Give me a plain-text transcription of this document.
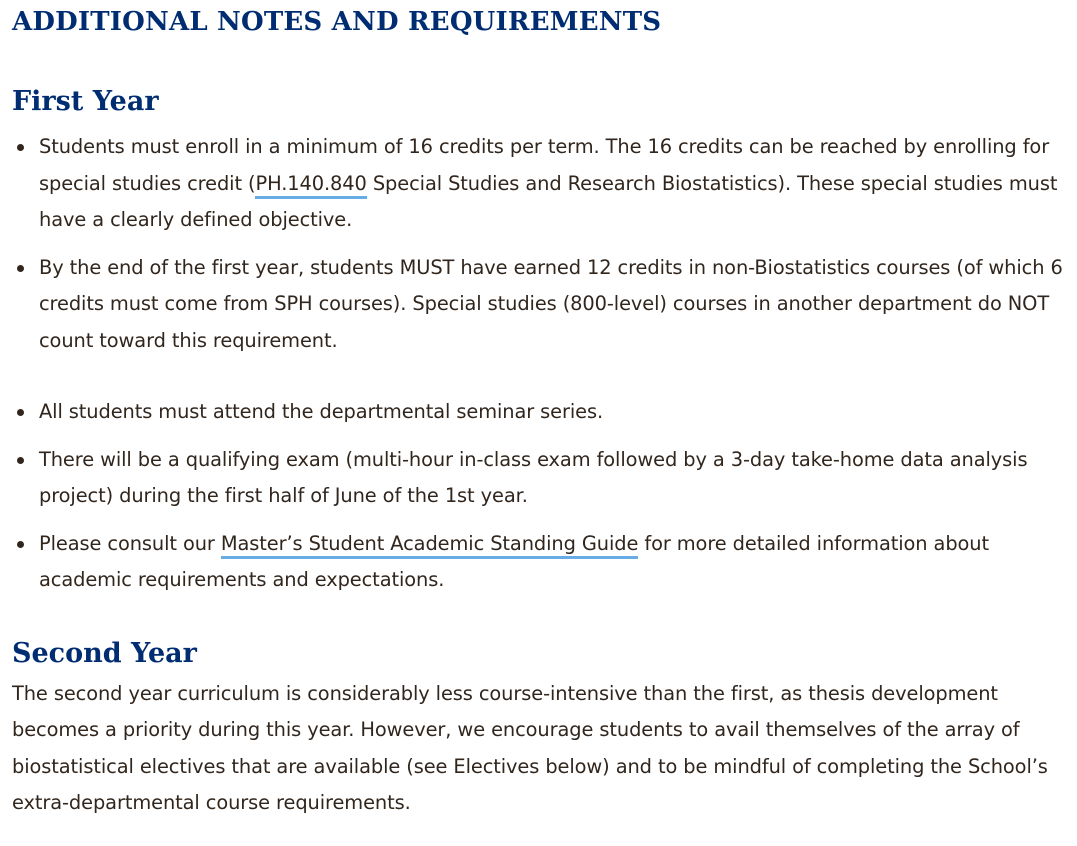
ADDITIONAL NOTES AND REQUIREMENTS
First Year
Students must enroll in a minimum of 16 credits per term. The 16 credits can be reached by enrolling for special studies credit (PH.140.840 Special Studies and Research Biostatistics). These special studies must have a clearly defined objective.
By the end of the first year, students MUST have earned 12 credits in non-Biostatistics courses (of which 6 credits must come from SPH courses). Special studies (800-level) courses in another department do NOT count toward this requirement.
All students must attend the departmental seminar series.
There will be a qualifying exam (multi-hour in-class exam followed by a 3-day take-home data analysis project) during the first half of June of the 1st year.
Please consult our Master’s Student Academic Standing Guide for more detailed information about academic requirements and expectations.
Second Year

The second year curriculum is considerably less course-intensive than the first, as thesis development becomes a priority during this year. However, we encourage students to avail themselves of the array of biostatistical electives that are available (see Electives below) and to be mindful of completing the School’s extra-departmental course requirements.
